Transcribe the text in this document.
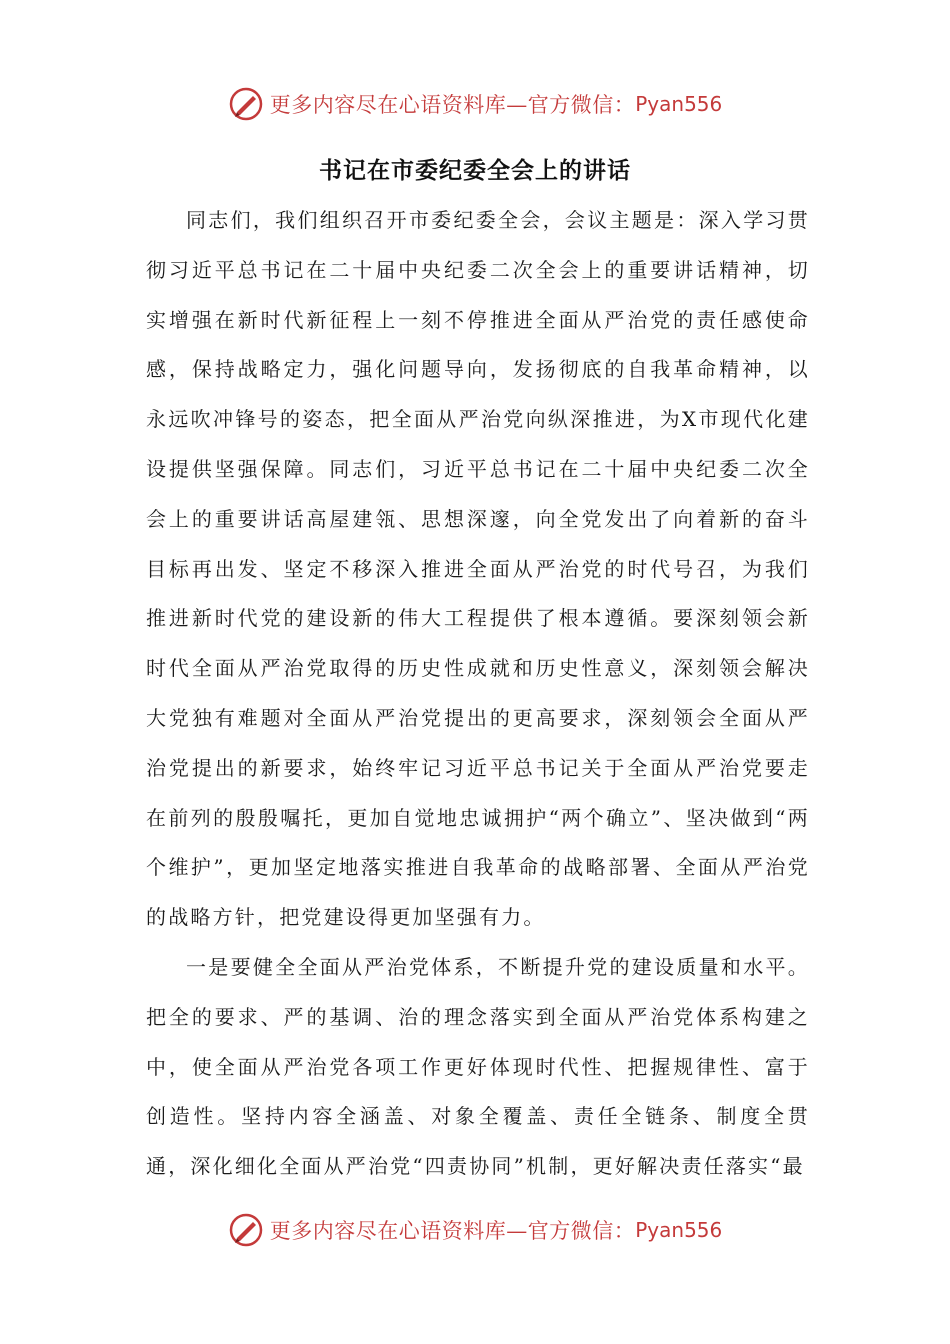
更多内容尽在心语资料库—官方微信： Pyan556
书记在市委纪委全会上的讲话

同志们，我们组织召开市委纪委全会，会议主题是：深入学习贯彻习近平总书记在二十届中央纪委二次全会上的重要讲话精神，切实增强在新时代新征程上一刻不停推进全面从严治党的责任感使命感，保持战略定力，强化问题导向，发扬彻底的自我革命精神，以永远吹冲锋号的姿态，把全面从严治党向纵深推进，为X市现代化建设提供坚强保障。同志们，习近平总书记在二十届中央纪委二次全会上的重要讲话高屋建瓴、思想深邃，向全党发出了向着新的奋斗目标再出发、坚定不移深入推进全面从严治党的时代号召，为我们推进新时代党的建设新的伟大工程提供了根本遵循。要深刻领会新时代全面从严治党取得的历史性成就和历史性意义，深刻领会解决大党独有难题对全面从严治党提出的更高要求，深刻领会全面从严治党提出的新要求，始终牢记习近平总书记关于全面从严治党要走在前列的殷殷嘱托，更加自觉地忠诚拥护“两个确立”、坚决做到“两个维护”，更加坚定地落实推进自我革命的战略部署、全面从严治党的战略方针，把党建设得更加坚强有力。

一是要健全全面从严治党体系，不断提升党的建设质量和水平。把全的要求、严的基调、治的理念落实到全面从严治党体系构建之中，使全面从严治党各项工作更好体现时代性、把握规律性、富于创造性。坚持内容全涵盖、对象全覆盖、责任全链条、制度全贯通，深化细化全面从严治党“四责协同”机制，更好解决责任落实“最

更多内容尽在心语资料库—官方微信： Pyan556
